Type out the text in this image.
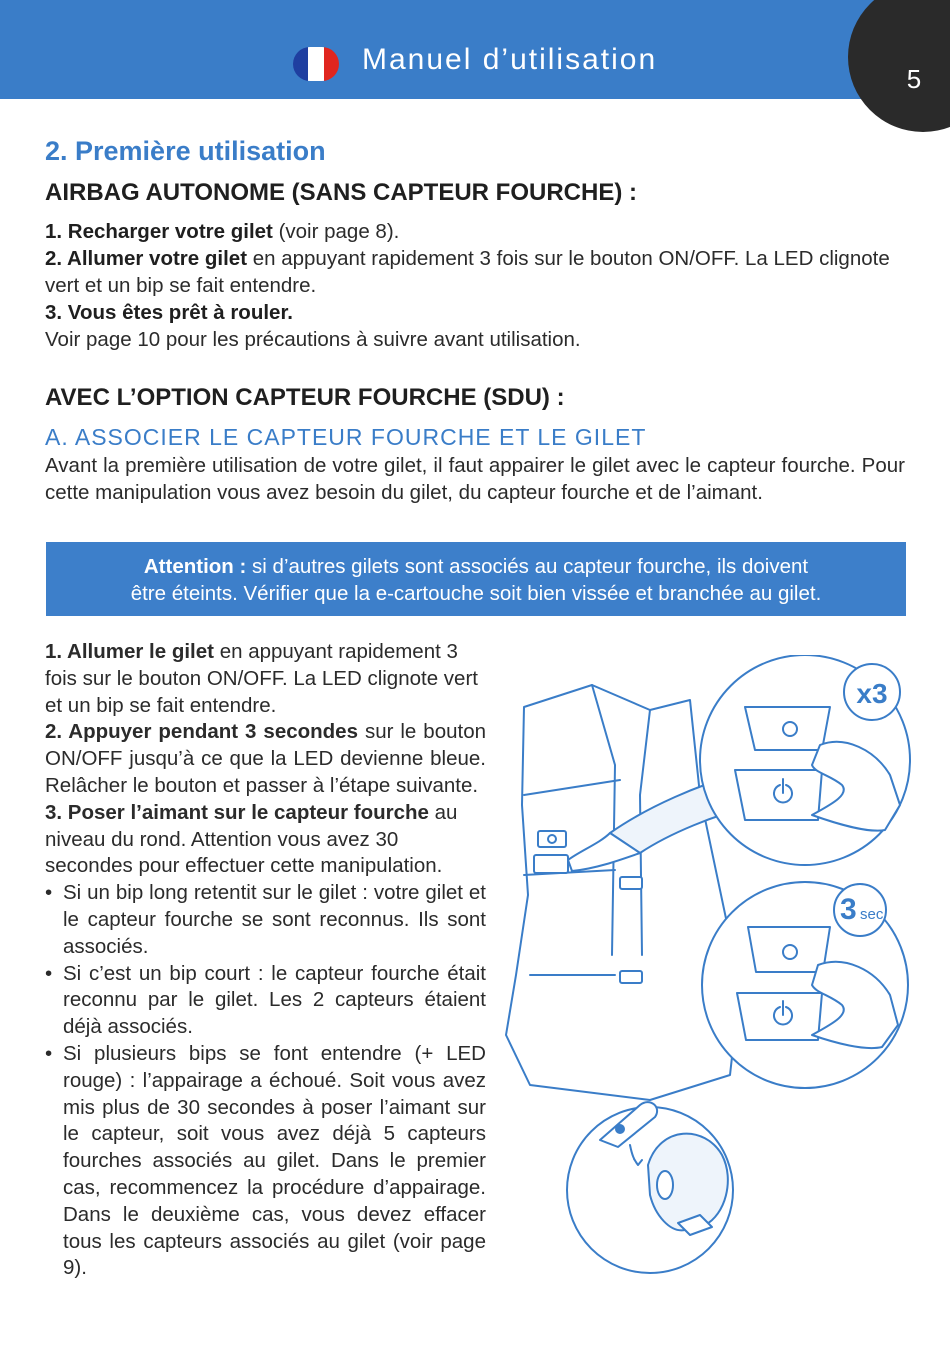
Manuel d’utilisation
5
2. Première utilisation
AIRBAG AUTONOME (SANS CAPTEUR FOURCHE) :

1. Recharger votre gilet (voir page 8).

2. Allumer votre gilet en appuyant rapidement 3 fois sur le bouton ON/OFF. La LED clignote vert et un bip se fait entendre.

3. Vous êtes prêt à rouler.

Voir page 10 pour les précautions à suivre avant utilisation.

AVEC L’OPTION CAPTEUR FOURCHE (SDU) :
A. ASSOCIER LE CAPTEUR FOURCHE ET LE GILET

Avant la première utilisation de votre gilet, il faut appairer le gilet avec le capteur fourche. Pour cette manipulation vous avez besoin du gilet, du capteur fourche et de l’aimant.

Attention : si d’autres gilets sont associés au capteur fourche, ils doivent
être éteints. Vérifier que la e-cartouche soit bien vissée et branchée au gilet.

1. Allumer le gilet en appuyant rapidement 3 fois sur le bouton ON/OFF. La LED clignote vert et un bip se fait entendre.

2. Appuyer pendant 3 secondes sur le bouton ON/OFF jusqu’à ce que la LED devienne bleue. Relâcher le bouton et passer à l’étape suivante.

3. Poser l’aimant sur le capteur fourche au niveau du rond. Attention vous avez 30 secondes pour effectuer cette manipulation.

• Si un bip long retentit sur le gilet : votre gilet et le capteur fourche se sont reconnus. Ils sont associés.
• Si c’est un bip court : le capteur fourche était reconnu par le gilet. Les 2 capteurs étaient déjà associés.
• Si plusieurs bips se font entendre (+ LED rouge) : l’appairage a échoué. Soit vous avez mis plus de 30 secondes à poser l’aimant sur le capteur, soit vous avez déjà 5 capteurs fourches associés au gilet. Dans le premier cas, recommencez la procédure d’appairage. Dans le deuxième cas, vous devez effacer tous les capteurs associés au gilet (voir page 9).
x3
3 sec
